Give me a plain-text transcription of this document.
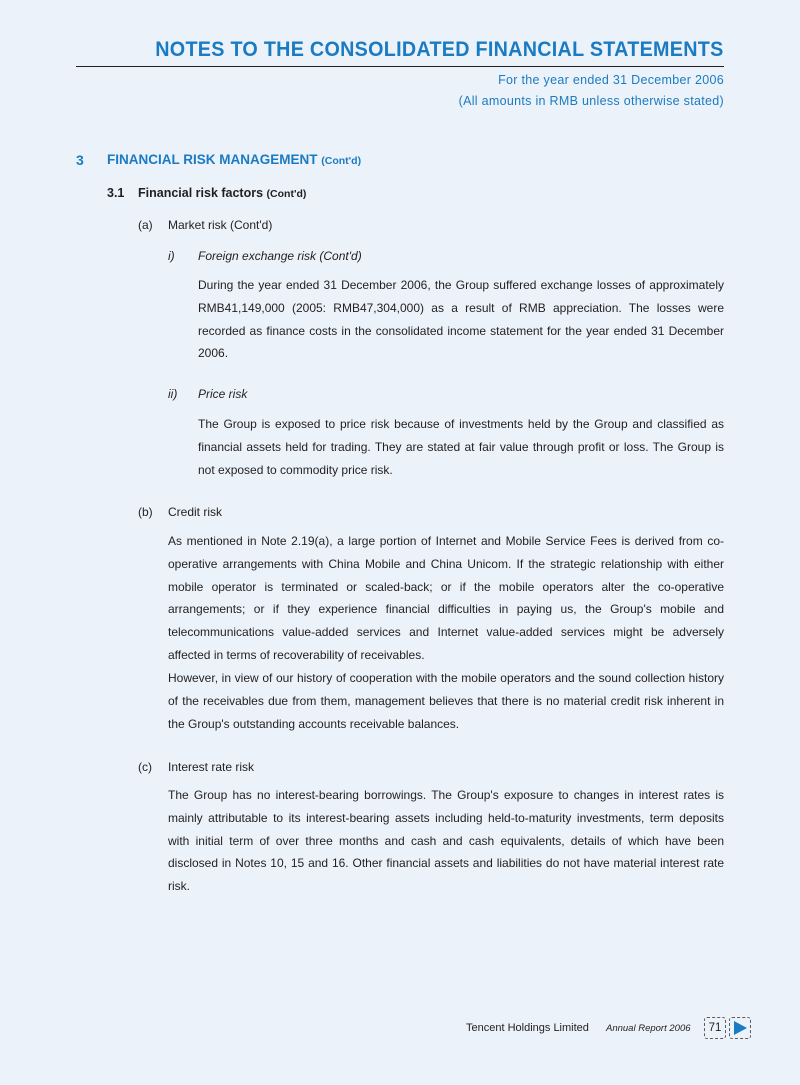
NOTES TO THE CONSOLIDATED FINANCIAL STATEMENTS
For the year ended 31 December 2006
(All amounts in RMB unless otherwise stated)
3 FINANCIAL RISK MANAGEMENT (Cont'd)
3.1 Financial risk factors (Cont'd)
(a) Market risk (Cont'd)
i) Foreign exchange risk (Cont'd)

During the year ended 31 December 2006, the Group suffered exchange losses of approximately RMB41,149,000 (2005: RMB47,304,000) as a result of RMB appreciation. The losses were recorded as finance costs in the consolidated income statement for the year ended 31 December 2006.

ii) Price risk

The Group is exposed to price risk because of investments held by the Group and classified as financial assets held for trading. They are stated at fair value through profit or loss. The Group is not exposed to commodity price risk.

(b) Credit risk

As mentioned in Note 2.19(a), a large portion of Internet and Mobile Service Fees is derived from co-operative arrangements with China Mobile and China Unicom. If the strategic relationship with either mobile operator is terminated or scaled-back; or if the mobile operators alter the co-operative arrangements; or if they experience financial difficulties in paying us, the Group's mobile and telecommunications value-added services and Internet value-added services might be adversely affected in terms of recoverability of receivables.

However, in view of our history of cooperation with the mobile operators and the sound collection history of the receivables due from them, management believes that there is no material credit risk inherent in the Group's outstanding accounts receivable balances.

(c) Interest rate risk

The Group has no interest-bearing borrowings. The Group's exposure to changes in interest rates is mainly attributable to its interest-bearing assets including held-to-maturity investments, term deposits with initial term of over three months and cash and cash equivalents, details of which have been disclosed in Notes 10, 15 and 16. Other financial assets and liabilities do not have material interest rate risk.

Tencent Holdings Limited Annual Report 2006	71
